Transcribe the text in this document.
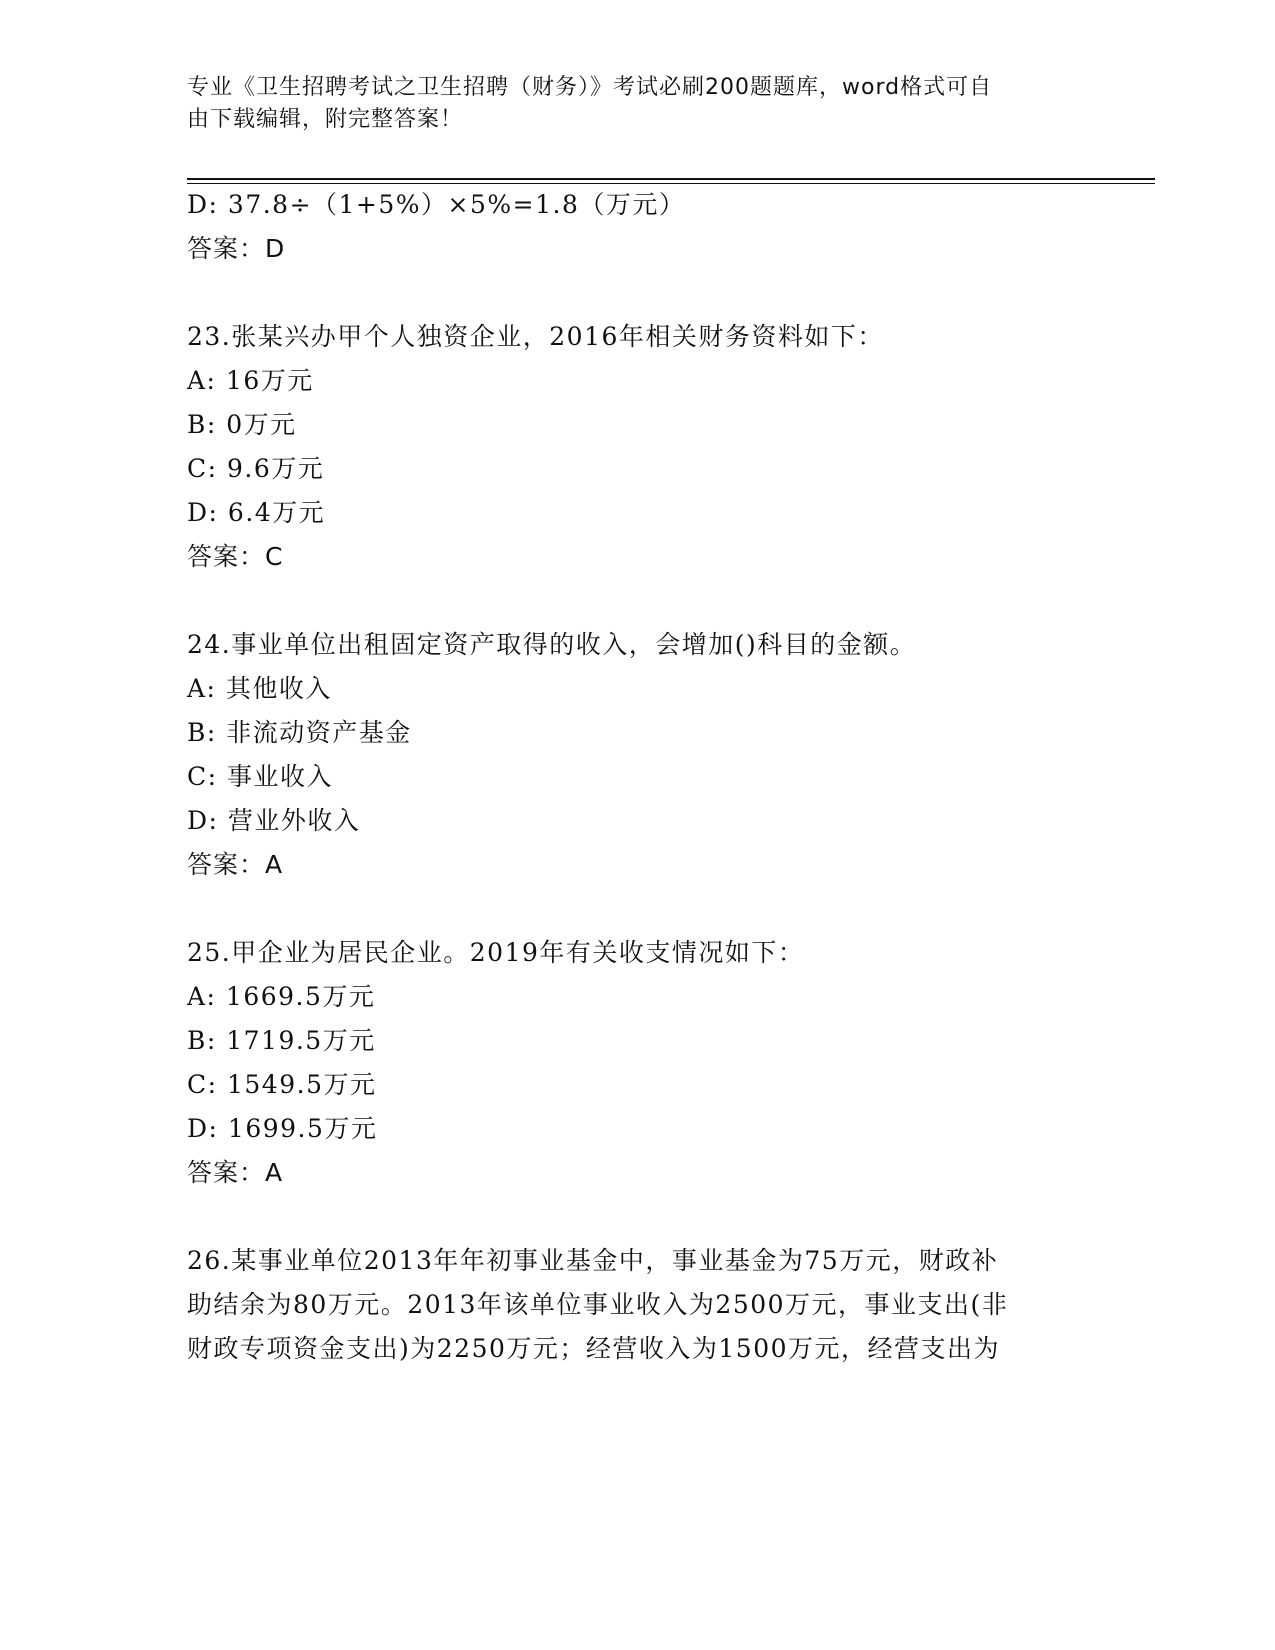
专业《卫生招聘考试之卫生招聘（财务）》考试必刷200题题库，word格式可自
由下载编辑，附完整答案！
D: 37.8÷（1+5%）×5%=1.8（万元）
答案：D
23.张某兴办甲个人独资企业，2016年相关财务资料如下：
A: 16万元
B: 0万元
C: 9.6万元
D: 6.4万元
答案：C
24.事业单位出租固定资产取得的收入，会增加()科目的金额。
A: 其他收入
B: 非流动资产基金
C: 事业收入
D: 营业外收入
答案：A
25.甲企业为居民企业。2019年有关收支情况如下：
A: 1669.5万元
B: 1719.5万元
C: 1549.5万元
D: 1699.5万元
答案：A
26.某事业单位2013年年初事业基金中，事业基金为75万元，财政补
助结余为80万元。2013年该单位事业收入为2500万元，事业支出(非
财政专项资金支出)为2250万元；经营收入为1500万元，经营支出为
